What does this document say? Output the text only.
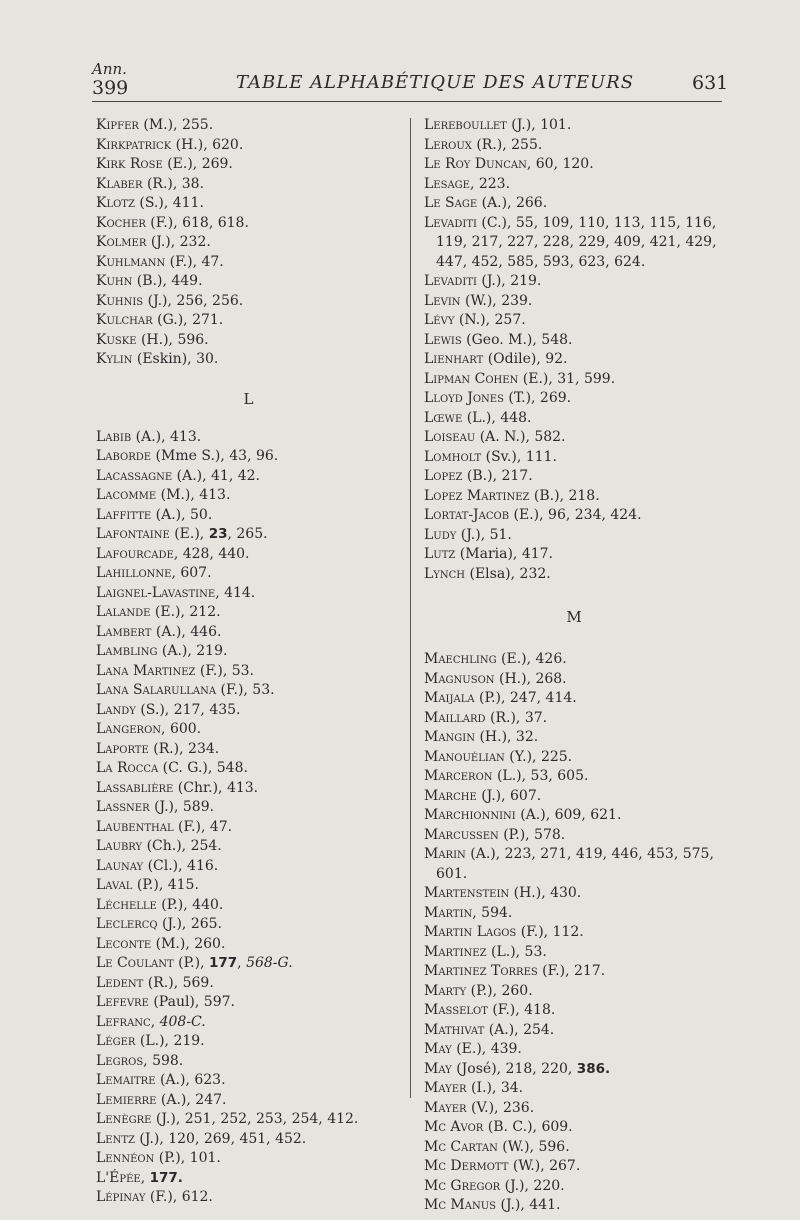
Ann.
399	TABLE ALPHABÉTIQUE DES AUTEURS	631
Kipfer (M.), 255.
Kirkpatrick (H.), 620.
Kirk Rose (E.), 269.
Klaber (R.), 38.
Klotz (S.), 411.
Kocher (F.), 618, 618.
Kolmer (J.), 232.
Kuhlmann (F.), 47.
Kuhn (B.), 449.
Kuhnis (J.), 256, 256.
Kulchar (G.), 271.
Kuske (H.), 596.
Kylin (Eskin), 30.
L
Labib (A.), 413.
Laborde (Mme S.), 43, 96.
Lacassagne (A.), 41, 42.
Lacomme (M.), 413.
Laffitte (A.), 50.
Lafontaine (E.), 23, 265.
Lafourcade, 428, 440.
Lahillonne, 607.
Laignel-Lavastine, 414.
Lalande (E.), 212.
Lambert (A.), 446.
Lambling (A.), 219.
Lana Martinez (F.), 53.
Lana Salarullana (F.), 53.
Landy (S.), 217, 435.
Langeron, 600.
Laporte (R.), 234.
La Rocca (C. G.), 548.
Lassablière (Chr.), 413.
Lassner (J.), 589.
Laubenthal (F.), 47.
Laubry (Ch.), 254.
Launay (Cl.), 416.
Laval (P.), 415.
Léchelle (P.), 440.
Leclercq (J.), 265.
Leconte (M.), 260.
Le Coulant (P.), 177, 568-G.
Ledent (R.), 569.
Lefevre (Paul), 597.
Lefranc, 408-C.
Léger (L.), 219.
Legros, 598.
Lemaitre (A.), 623.
Lemierre (A.), 247.
Lenègre (J.), 251, 252, 253, 254, 412.
Lentz (J.), 120, 269, 451, 452.
Lennéon (P.), 101.
L'Épée, 177.
Lépinay (F.), 612.
Lereboullet (J.), 101.
Leroux (R.), 255.
Le Roy Duncan, 60, 120.
Lesage, 223.
Le Sage (A.), 266.
Levaditi (C.), 55, 109, 110, 113, 115, 116, 119, 217, 227, 228, 229, 409, 421, 429, 447, 452, 585, 593, 623, 624.
Levaditi (J.), 219.
Levin (W.), 239.
Lévy (N.), 257.
Lewis (Geo. M.), 548.
Lienhart (Odile), 92.
Lipman Cohen (E.), 31, 599.
Lloyd Jones (T.), 269.
Lœwe (L.), 448.
Loiseau (A. N.), 582.
Lomholt (Sv.), 111.
Lopez (B.), 217.
Lopez Martinez (B.), 218.
Lortat-Jacob (E.), 96, 234, 424.
Ludy (J.), 51.
Lutz (Maria), 417.
Lynch (Elsa), 232.
M
Maechling (E.), 426.
Magnuson (H.), 268.
Maijala (P.), 247, 414.
Maillard (R.), 37.
Mangin (H.), 32.
Manouélian (Y.), 225.
Marceron (L.), 53, 605.
Marche (J.), 607.
Marchionnini (A.), 609, 621.
Marcussen (P.), 578.
Marin (A.), 223, 271, 419, 446, 453, 575, 601.
Martenstein (H.), 430.
Martin, 594.
Martin Lagos (F.), 112.
Martinez (L.), 53.
Martinez Torres (F.), 217.
Marty (P.), 260.
Masselot (F.), 418.
Mathivat (A.), 254.
May (E.), 439.
May (José), 218, 220, 386.
Mayer (I.), 34.
Mayer (V.), 236.
Mc Avor (B. C.), 609.
Mc Cartan (W.), 596.
Mc Dermott (W.), 267.
Mc Gregor (J.), 220.
Mc Manus (J.), 441.
